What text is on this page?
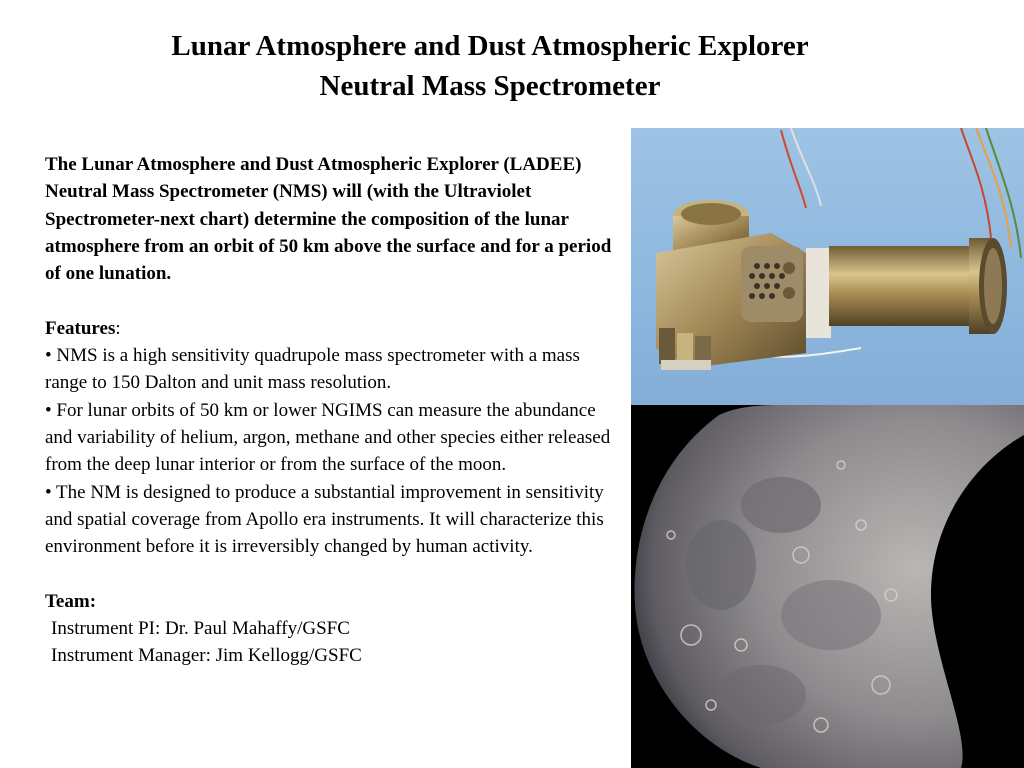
Lunar Atmosphere and Dust Atmospheric Explorer
Neutral Mass Spectrometer

The Lunar Atmosphere and Dust Atmospheric Explorer (LADEE) Neutral Mass Spectrometer (NMS) will (with the Ultraviolet Spectrometer-next chart) determine the composition of the lunar atmosphere from an orbit of 50 km above the surface and for a period of one lunation.

Features:

• NMS is a high sensitivity quadrupole mass spectrometer with a mass range to 150 Dalton and unit mass resolution.

• For lunar orbits of 50 km or lower NGIMS can measure the abundance and variability of helium, argon, methane and other species either released from the deep lunar interior or from the surface of the moon.

• The NM is designed to produce a substantial improvement in sensitivity and spatial coverage from Apollo era instruments. It will characterize this environment before it is irreversibly changed by human activity.

Team:

Instrument PI: Dr. Paul Mahaffy/GSFC

Instrument Manager: Jim Kellogg/GSFC
